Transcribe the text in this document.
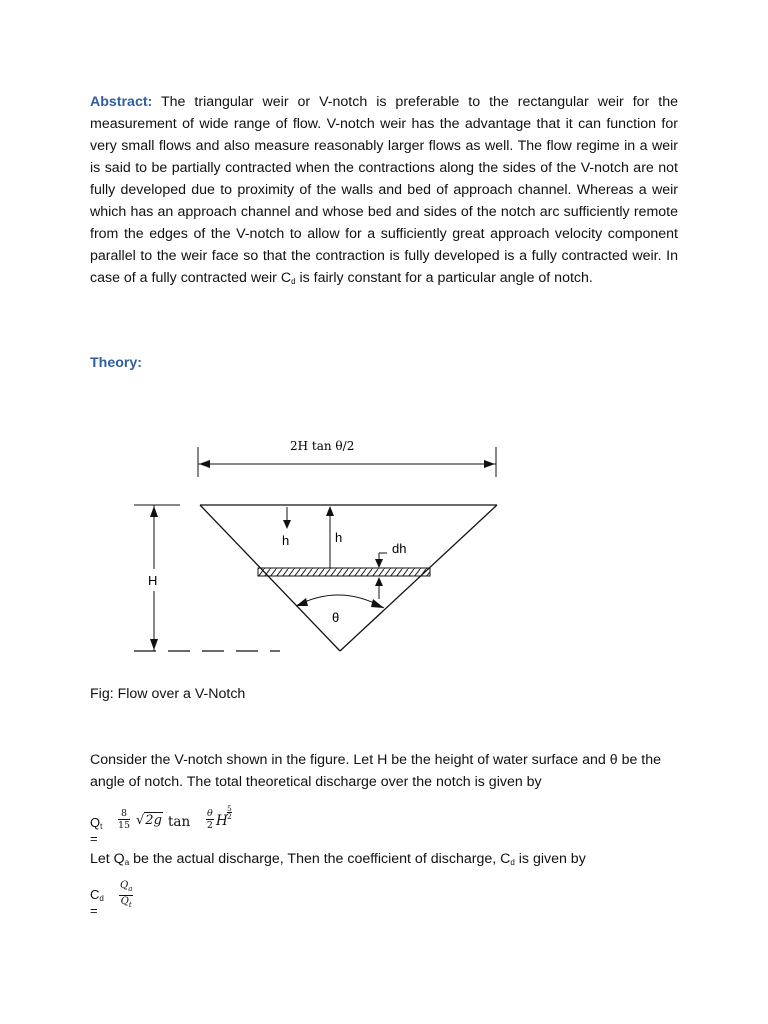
Abstract: The triangular weir or V-notch is preferable to the rectangular weir for the measurement of wide range of flow. V-notch weir has the advantage that it can function for very small flows and also measure reasonably larger flows as well. The flow regime in a weir is said to be partially contracted when the contractions along the sides of the V-notch are not fully developed due to proximity of the walls and bed of approach channel. Whereas a weir which has an approach channel and whose bed and sides of the notch arc sufficiently remote from the edges of the V-notch to allow for a sufficiently great approach velocity component parallel to the weir face so that the contraction is fully developed is a fully contracted weir. In case of a fully contracted weir $C_d$ is fairly constant for a particular angle of notch.

Theory:

2H tan θ/2
H
h	h
dh
θ

Fig: Flow over a V-Notch

Consider the V-notch shown in the figure. Let H be the height of water surface and θ be the angle of notch. The total theoretical discharge over the notch is given by

$Q_t$ =
$\frac{8}{15} √2g$ $\tan \frac{\theta}{2}$ H
$\frac{5}{2}$

Let $Q_a$ be the actual discharge, Then the coefficient of discharge, $C_d$ is given by

$C_d$ =	$\frac{Q_a}{Q_t}$
